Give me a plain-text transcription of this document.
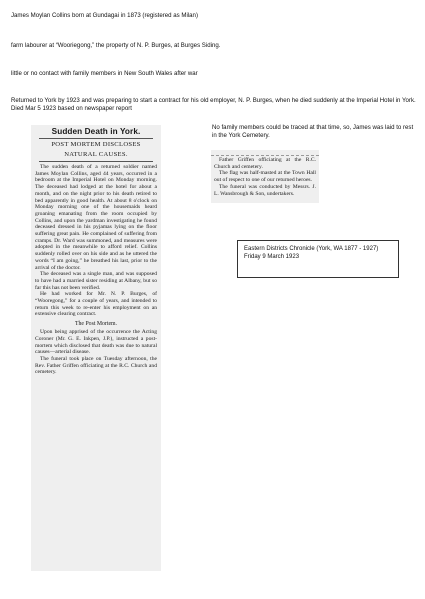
James Moylan Collins born at Gundagai in 1873 (registered as Milan)

farm labourer at “Wooriegong,” the property of N. P. Burges, at Burges Siding.

little or no contact with family members in New South Wales after war

Returned to York by 1923 and was preparing to start a contract for his old employer, N. P. Burges, when he died suddenly at the Imperial Hotel in York. Died Mar 5 1923 based on newspaper report

No family members could be traced at that time, so, James was laid to rest in the York Cemetery.

Sudden Death in York.
POST MORTEM DISCLOSES
NATURAL CAUSES.

The sudden death of a returned soldier named James Moylan Collins, aged 44 years, occurred in a bedroom at the Imperial Hotel on Monday morning. The deceased had lodged at the hotel for about a month, and on the night prior to his death retired to bed apparently in good health. At about 8 o'clock on Monday morning one of the housemaids heard groaning emanating from the room occupied by Collins, and upon the yardman investigating he found deceased dressed in his pyjamas lying on the floor suffering great pain. He complained of suffering from cramps. Dr. Ward was summoned, and measures were adopted in the meanwhile to afford relief. Collins suddenly rolled over on his side and as he uttered the words “I am going,” he breathed his last, prior to the arrival of the doctor.

The deceased was a single man, and was supposed to have had a married sister residing at Albany, but so far this has not been verified.

He had worked for Mr. N. P. Burges, of “Wooregong,” for a couple of years, and intended to return this week to re-enter his employment on an extensive clearing contract.

The Post Mortem.

Upon being apprised of the occurrence the Acting Coroner (Mr. G. E. Inkpen, J.P.), instructed a post-mortem which disclosed that death was due to natural causes—arterial disease.

The funeral took place on Tuesday afternoon, the Rev. Father Griffen officiating at the R.C. Church and cemetery.

Father Griffen officiating at the R.C. Church and cemetery.

The flag was half-masted at the Town Hall out of respect to one of our returned heroes.

The funeral was conducted by Messrs. J. L. Wansbrough & Son, undertakers.

Eastern Districts Chronicle (York, WA 1877 - 1927) Friday 9 March 1923
